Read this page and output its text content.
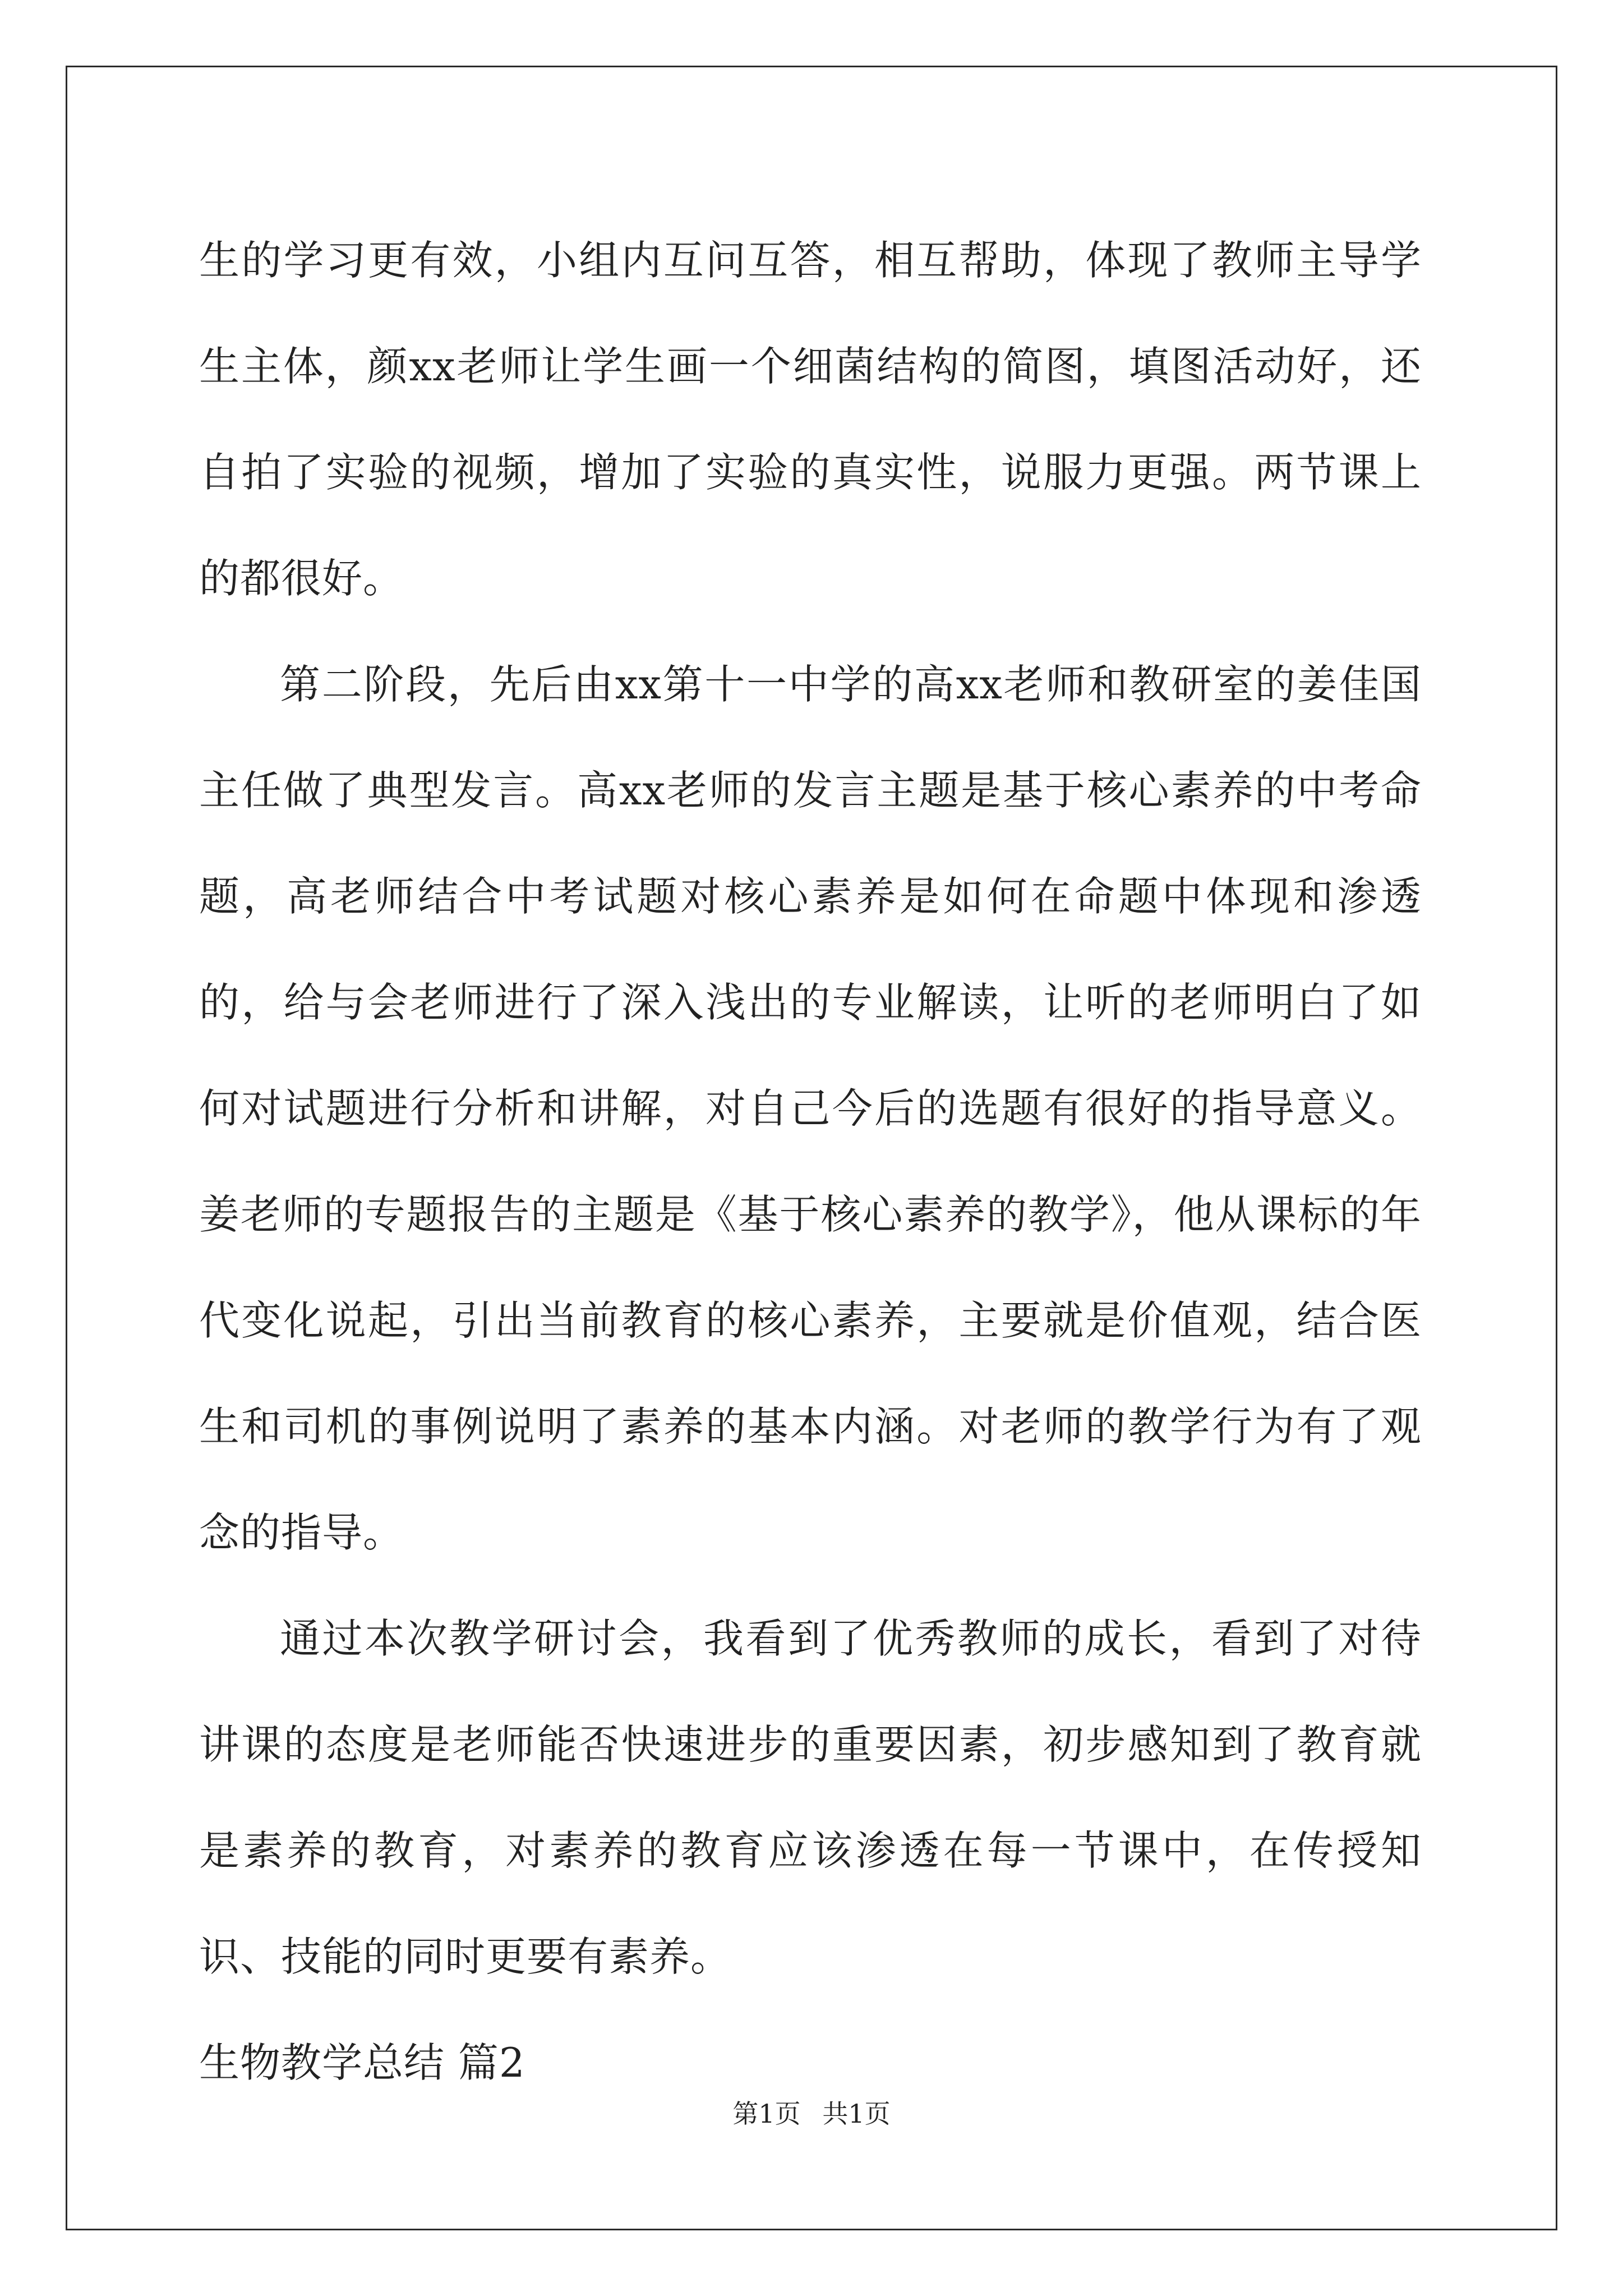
生的学习更有效，小组内互问互答，相互帮助，体现了教师主导学生主体，颜xx老师让学生画一个细菌结构的简图，填图活动好，还自拍了实验的视频，增加了实验的真实性，说服力更强。两节课上的都很好。

第二阶段，先后由xx第十一中学的高xx老师和教研室的姜佳国主任做了典型发言。高xx老师的发言主题是基于核心素养的中考命题，高老师结合中考试题对核心素养是如何在命题中体现和渗透的，给与会老师进行了深入浅出的专业解读，让听的老师明白了如何对试题进行分析和讲解，对自己今后的选题有很好的指导意义。姜老师的专题报告的主题是《基于核心素养的教学》，他从课标的年代变化说起，引出当前教育的核心素养，主要就是价值观，结合医生和司机的事例说明了素养的基本内涵。对老师的教学行为有了观念的指导。

通过本次教学研讨会，我看到了优秀教师的成长，看到了对待讲课的态度是老师能否快速进步的重要因素，初步感知到了教育就是素养的教育，对素养的教育应该渗透在每一节课中，在传授知识、技能的同时更要有素养。

生物教学总结 篇2

第1页 共1页
